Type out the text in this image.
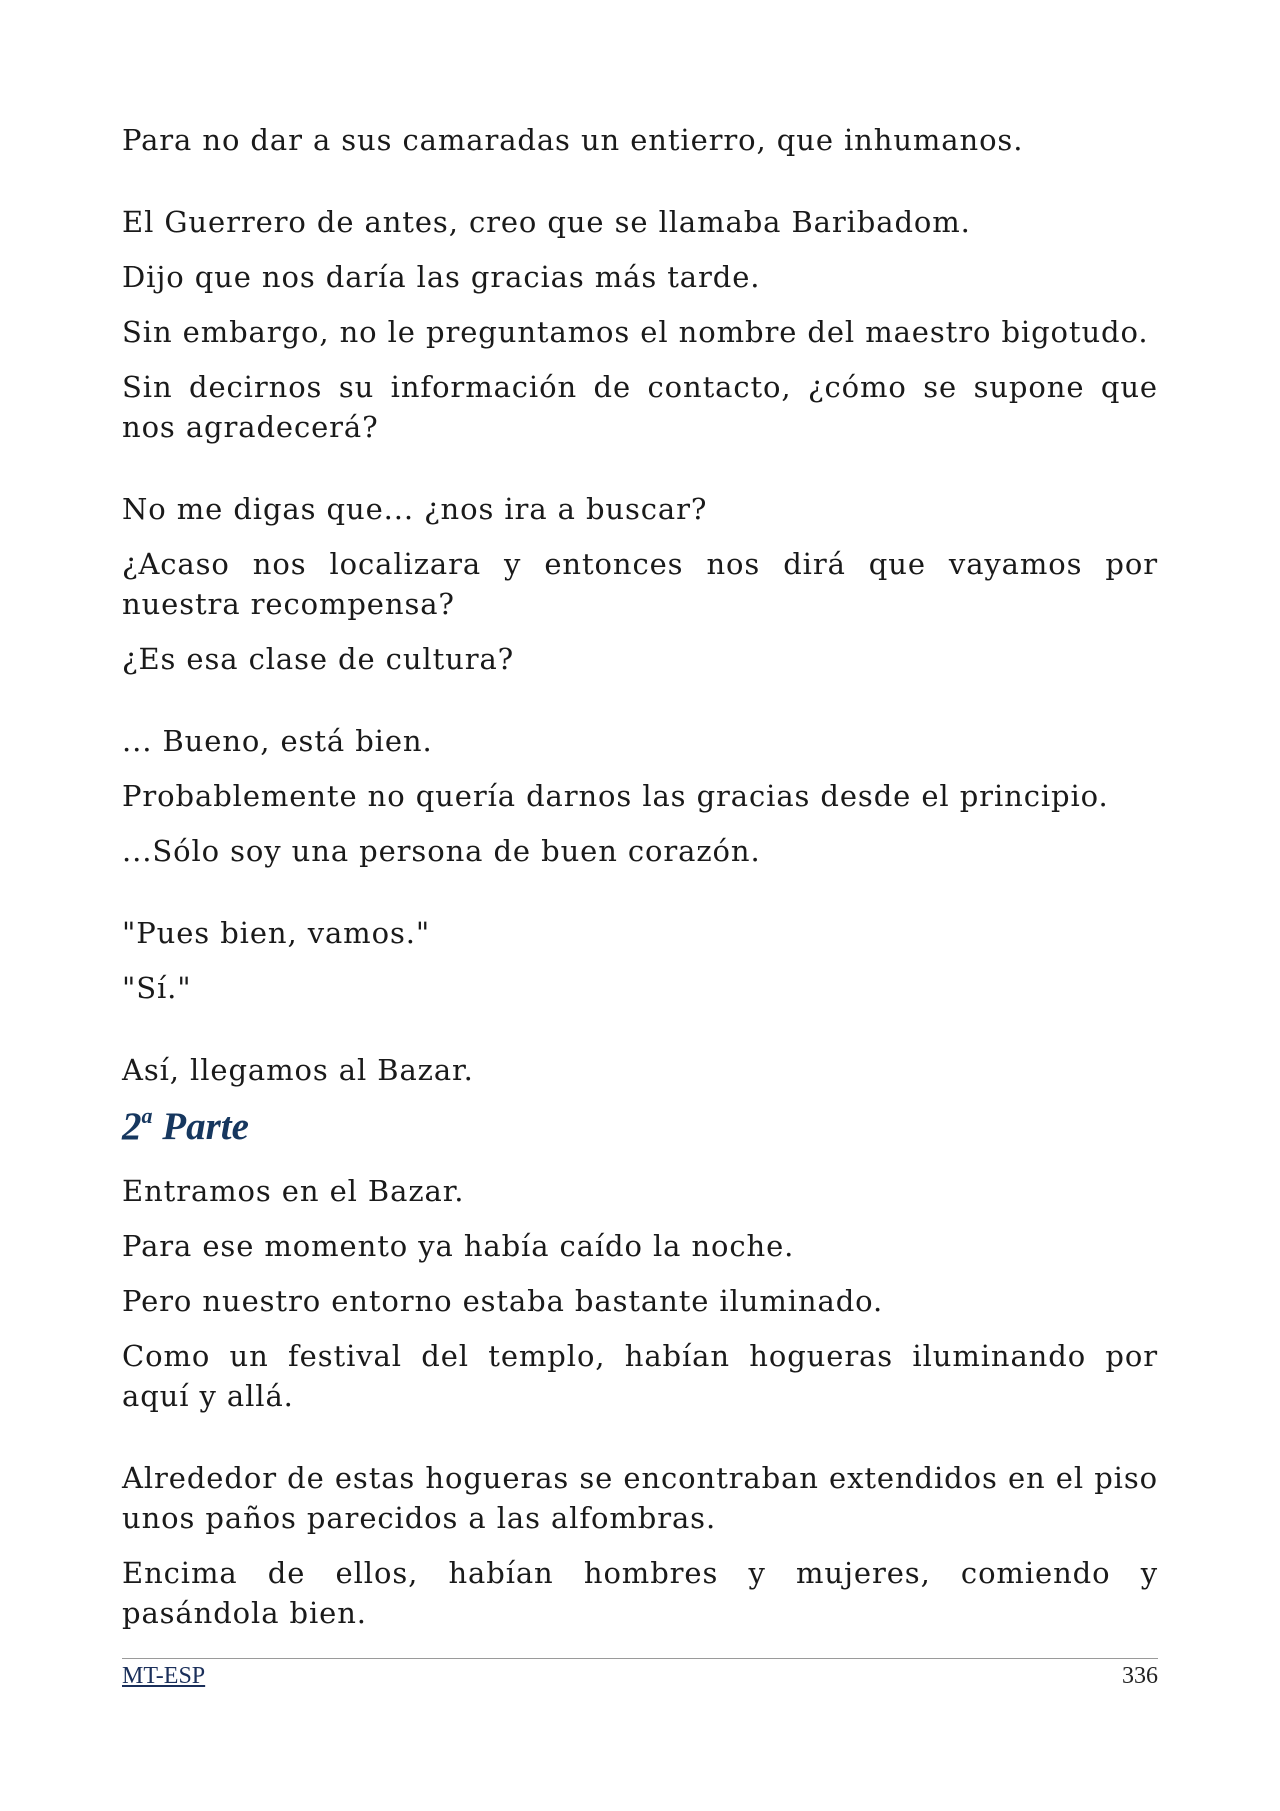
Para no dar a sus camaradas un entierro, que inhumanos.

El Guerrero de antes, creo que se llamaba Baribadom.

Dijo que nos daría las gracias más tarde.

Sin embargo, no le preguntamos el nombre del maestro bigotudo.

Sin decirnos su información de contacto, ¿cómo se supone que nos agradecerá?

No me digas que... ¿nos ira a buscar?

¿Acaso nos localizara y entonces nos dirá que vayamos por nuestra recompensa?

¿Es esa clase de cultura?

... Bueno, está bien.

Probablemente no quería darnos las gracias desde el principio.

...Sólo soy una persona de buen corazón.

"Pues bien, vamos."

"Sí."

Así, llegamos al Bazar.

2$^a$ Parte

Entramos en el Bazar.

Para ese momento ya había caído la noche.

Pero nuestro entorno estaba bastante iluminado.

Como un festival del templo, habían hogueras iluminando por aquí y allá.

Alrededor de estas hogueras se encontraban extendidos en el piso unos paños parecidos a las alfombras.

Encima de ellos, habían hombres y mujeres, comiendo y pasándola bien.

MT-ESP	336
